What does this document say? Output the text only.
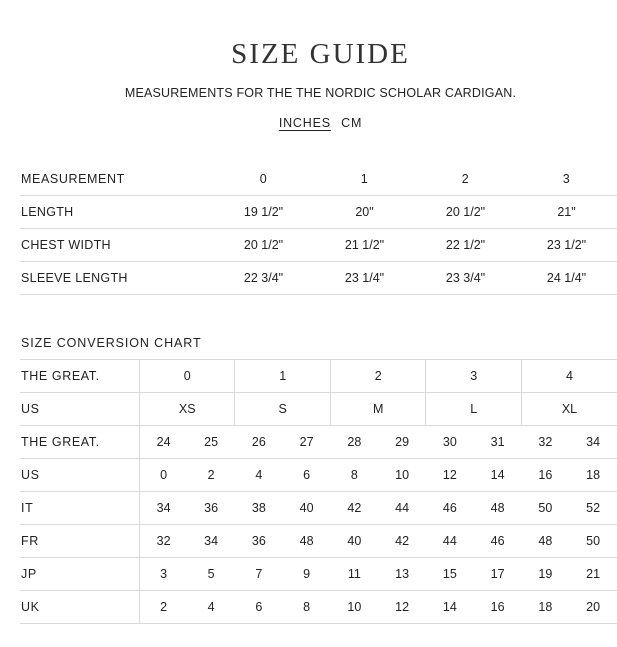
SIZE GUIDE

MEASUREMENTS FOR THE THE NORDIC SCHOLAR CARDIGAN.

INCHES CM
MEASUREMENT	0	1	2	3
LENGTH	19 1/2"	20"	20 1/2"	21"
CHEST WIDTH	20 1/2"	21 1/2"	22 1/2"	23 1/2"
SLEEVE LENGTH	22 3/4"	23 1/4"	23 3/4"	24 1/4"
SIZE CONVERSION CHART
THE GREAT.	0		1		2		3		4	
US	XS		S		M		L		XL	
THE GREAT.	24	25	26	27	28	29	30	31	32	34
US	0	2	4	6	8	10	12	14	16	18
IT	34	36	38	40	42	44	46	48	50	52
FR	32	34	36	48	40	42	44	46	48	50
JP	3	5	7	9	11	13	15	17	19	21
UK	2	4	6	8	10	12	14	16	18	20
